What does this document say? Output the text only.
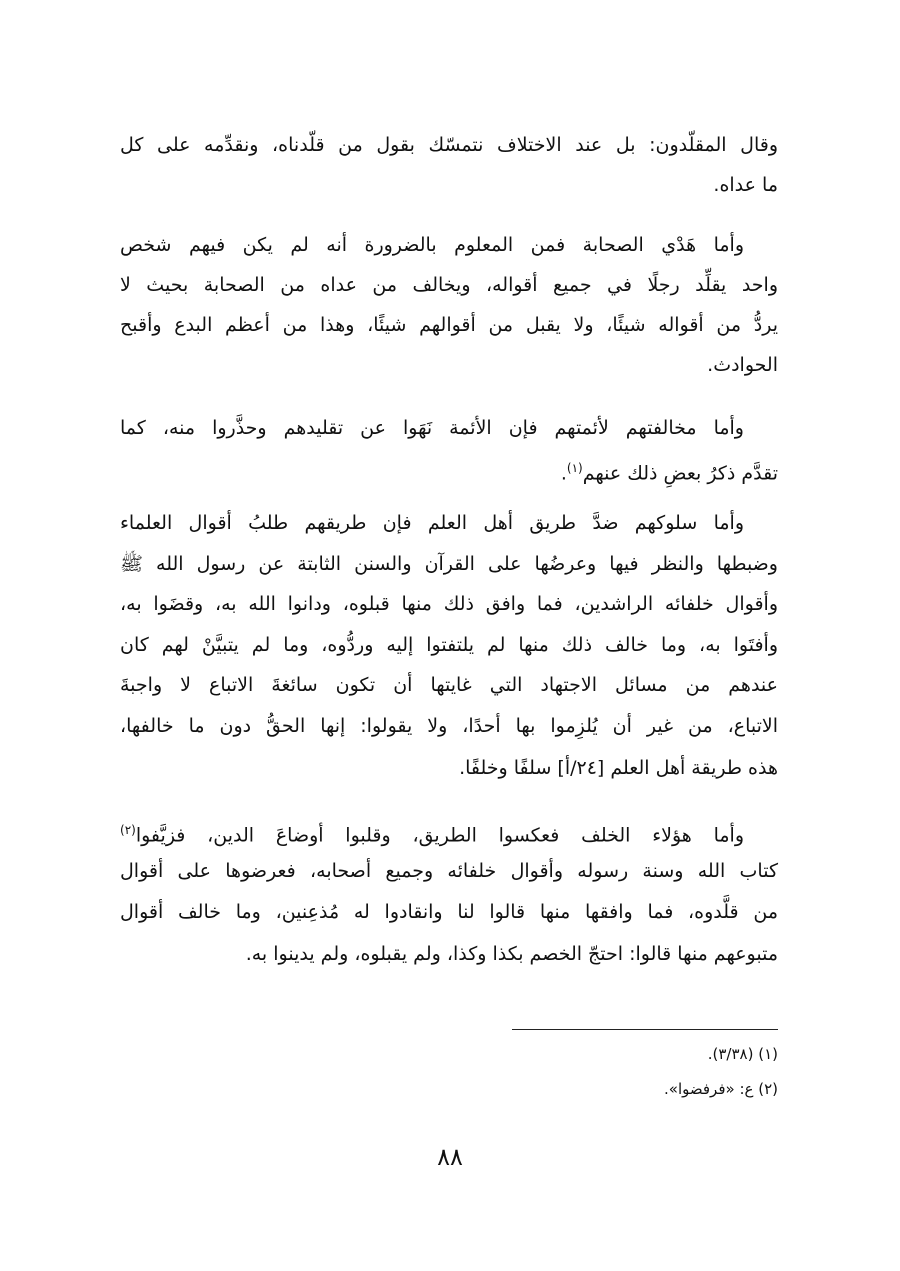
وقال المقلّدون: بل عند الاختلاف نتمسّك بقول من قلّدناه، ونقدِّمه على كل
ما عداه.
وأما هَدْي الصحابة فمن المعلوم بالضرورة أنه لم يكن فيهم شخص
واحد يقلِّد رجلًا في جميع أقواله، ويخالف من عداه من الصحابة بحيث لا
يردُّ من أقواله شيئًا، ولا يقبل من أقوالهم شيئًا، وهذا من أعظم البدع وأقبح
الحوادث.
وأما مخالفتهم لأئمتهم فإن الأئمة نَهَوا عن تقليدهم وحذَّروا منه، كما
تقدَّم ذكرُ بعضِ ذلك عنهم$^{(١)}$.
وأما سلوكهم ضدَّ طريق أهل العلم فإن طريقهم طلبُ أقوال العلماء
وضبطها والنظر فيها وعرضُها على القرآن والسنن الثابتة عن رسول الله ﷺ
وأقوال خلفائه الراشدين، فما وافق ذلك منها قبلوه، ودانوا الله به، وقضَوا به،
وأفتَوا به، وما خالف ذلك منها لم يلتفتوا إليه وردُّوه، وما لم يتبيَّنْ لهم كان
عندهم من مسائل الاجتهاد التي غايتها أن تكون سائغةَ الاتباع لا واجبةَ
الاتباع، من غير أن يُلزِموا بها أحدًا، ولا يقولوا: إنها الحقُّ دون ما خالفها،
هذه طريقة أهل العلم [٢٤/أ] سلفًا وخلفًا.
وأما هؤلاء الخلف فعكسوا الطريق، وقلبوا أوضاعَ الدين، فزيَّفوا$^{(٢)}$
كتاب الله وسنة رسوله وأقوال خلفائه وجميع أصحابه، فعرضوها على أقوال
من قلَّدوه، فما وافقها منها قالوا لنا وانقادوا له مُذعِنين، وما خالف أقوال
متبوعهم منها قالوا: احتجّ الخصم بكذا وكذا، ولم يقبلوه، ولم يدينوا به.
(١) (٣/٣٨).
(٢) ع: «فرفضوا».
٨٨
